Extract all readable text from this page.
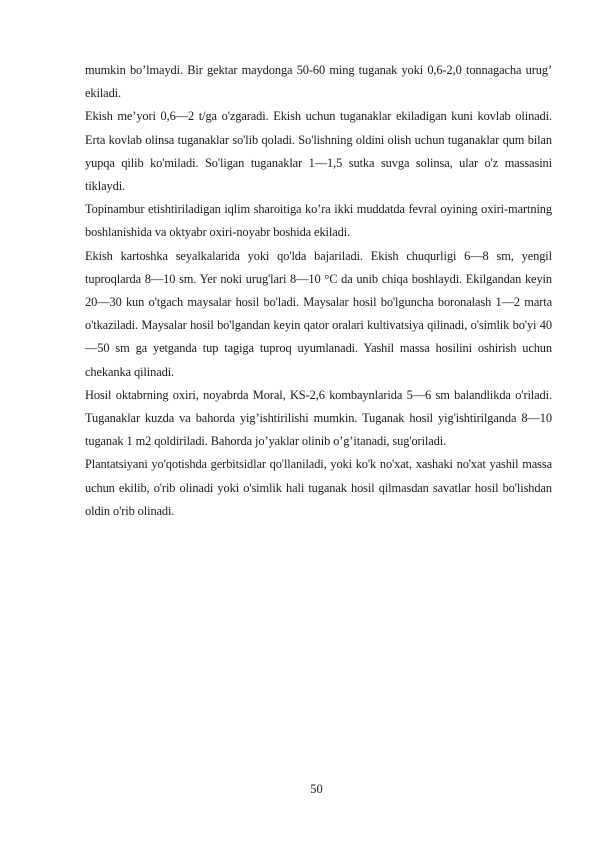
mumkin bo’lmaydi. Bir gektar maydonga 50-60 ming tuganak yoki 0,6-2,0 tonnagacha urug’ ekiladi.

Ekish me’yori 0,6—2 t/ga o'zgaradi. Ekish uchun tuganaklar ekiladigan kuni kovlab olinadi. Erta kovlab olinsa tuganaklar so'lib qoladi. So'lishning oldini olish uchun tuganaklar qum bilan yupqa qilib ko'miladi. So'ligan tuganaklar 1—1,5 sutka suvga solinsa, ular o'z massasini tiklaydi.

Topinambur etishtiriladigan iqlim sharoitiga ko’ra ikki muddatda fevral oyining oxiri-martning boshlanishida va oktyabr oxiri-noyabr boshida ekiladi.

Ekish kartoshka seyalkalarida yoki qo'lda bajariladi. Ekish chuqurligi 6—8 sm, yengil tuproqlarda 8—10 sm. Yer noki urug'lari 8—10 °C da unib chiqa boshlaydi. Ekilgandan keyin 20—30 kun o'tgach maysalar hosil bo'ladi. Maysalar hosil bo'lguncha boronalash 1—2 marta o'tkaziladi. Maysalar hosil bo'lgandan keyin qator oralari kultivatsiya qilinadi, o'simlik bo'yi 40—50 sm ga yetganda tup tagiga tuproq uyumlanadi. Yashil massa hosilini oshirish uchun chekanka qilinadi.

Hosil oktabrning oxiri, noyabrda Moral, KS-2,6 kombaynlarida 5—6 sm balandlikda o'riladi. Tuganaklar kuzda va bahorda yig’ishtirilishi mumkin. Tuganak hosil yig'ishtirilganda 8—10 tuganak 1 m2 qoldiriladi. Bahorda jo’yaklar olinib o’g’itanadi, sug'oriladi.

Plantatsiyani yo'qotishda gerbitsidlar qo'llaniladi, yoki ko'k no'xat, xashaki no'xat yashil massa uchun ekilib, o'rib olinadi yoki o'simlik hali tuganak hosil qilmasdan savatlar hosil bo'lishdan oldin o'rib olinadi.

50
